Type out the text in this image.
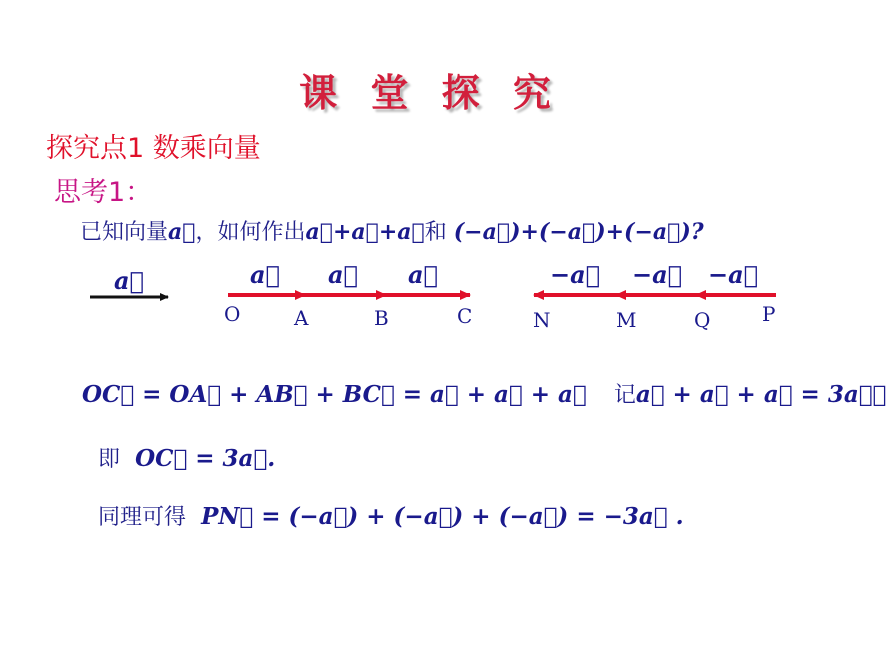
课 堂 探 究
探究点1 数乘向量
思考1：
已知向量a⃗，如何作出a⃗+a⃗+a⃗和 (−a⃗)+(−a⃗)+(−a⃗)?
a⃗	a⃗ a⃗ a⃗	−a⃗ −a⃗ −a⃗
O	A	B	C	N	M	Q	P
OC⃗ = OA⃗ + AB⃗ + BC⃗ = a⃗ + a⃗ + a⃗ 记a⃗ + a⃗ + a⃗ = 3a⃗，
即 OC⃗ = 3a⃗.
同理可得 PN⃗ = (−a⃗) + (−a⃗) + (−a⃗) = −3a⃗ .
